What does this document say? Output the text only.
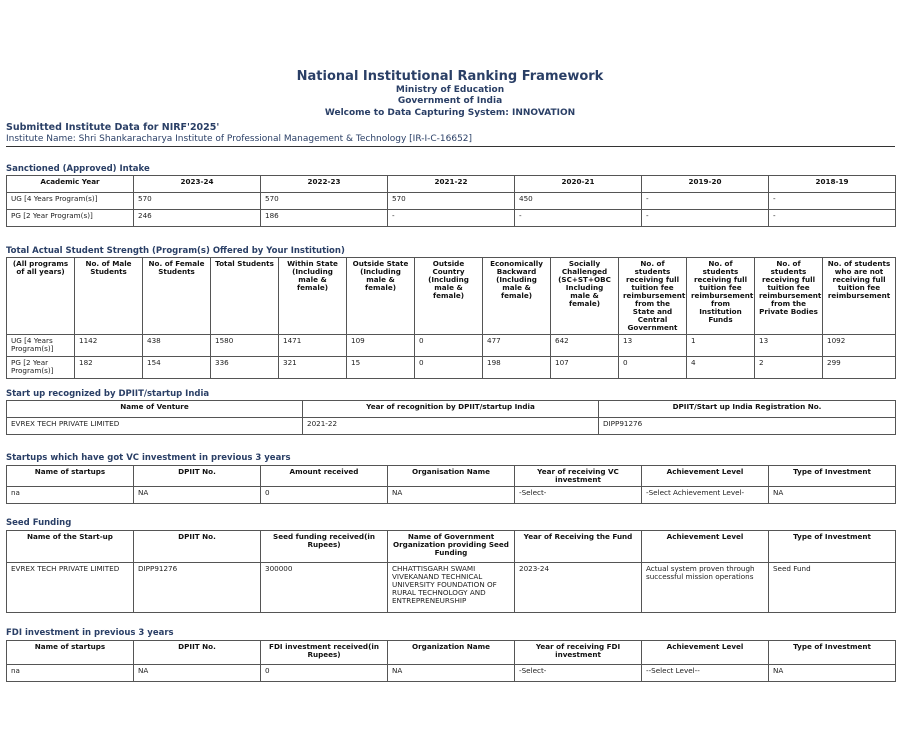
National Institutional Ranking Framework
Ministry of Education
Government of India
Welcome to Data Capturing System: INNOVATION
Submitted Institute Data for NIRF'2025'
Institute Name: Shri Shankaracharya Institute of Professional Management & Technology [IR-I-C-16652]
Sanctioned (Approved) Intake
Academic Year	2023-24	2022-23	2021-22	2020-21	2019-20	2018-19
UG [4 Years Program(s)]	570	570	570	450	-	-
PG [2 Year Program(s)]	246	186	-	-	-	-
Total Actual Student Strength (Program(s) Offered by Your Institution)
(All programs of all years)	No. of Male Students	No. of Female Students	Total Students	Within State (Including male & female)	Outside State (Including male & female)	Outside Country (Including male & female)	Economically Backward (Including male & female)	Socially Challenged (SC+ST+OBC Including male & female)	No. of students receiving full tuition fee reimbursement from the State and Central Government	No. of students receiving full tuition fee reimbursement from Institution Funds	No. of students receiving full tuition fee reimbursement from the Private Bodies	No. of students who are not receiving full tuition fee reimbursement
UG [4 Years Program(s)]	1142	438	1580	1471	109	0	477	642	13	1	13	1092
PG [2 Year Program(s)]	182	154	336	321	15	0	198	107	0	4	2	299
Start up recognized by DPIIT/startup India
Name of Venture	Year of recognition by DPIIT/startup India	DPIIT/Start up India Registration No.
EVREX TECH PRIVATE LIMITED	2021-22	DIPP91276
Startups which have got VC investment in previous 3 years
Name of startups	DPIIT No.	Amount received	Organisation Name	Year of receiving VC investment	Achievement Level	Type of Investment
na	NA	0	NA	-Select-	-Select Achievement Level-	NA
Seed Funding
Name of the Start-up	DPIIT No.	Seed funding received(in Rupees)	Name of Government Organization providing Seed Funding	Year of Receiving the Fund	Achievement Level	Type of Investment
EVREX TECH PRIVATE LIMITED	DIPP91276	300000	CHHATTISGARH SWAMI VIVEKANAND TECHNICAL UNIVERSITY FOUNDATION OF RURAL TECHNOLOGY AND ENTREPRENEURSHIP	2023-24	Actual system proven through successful mission operations	Seed Fund
FDI investment in previous 3 years
Name of startups	DPIIT No.	FDI investment received(in Rupees)	Organization Name	Year of receiving FDI investment	Achievement Level	Type of Investment
na	NA	0	NA	-Select-	--Select Level--	NA
